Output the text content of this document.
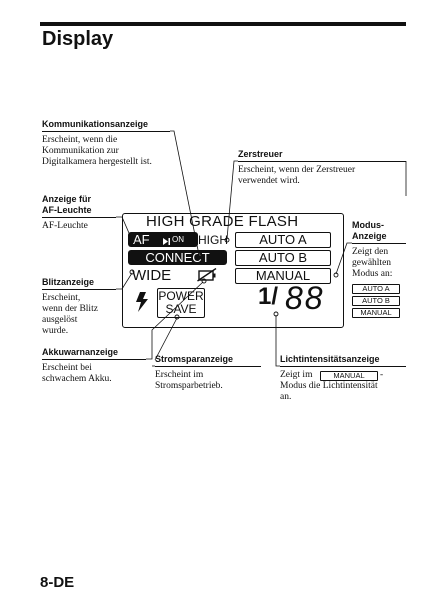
Display
Kommunikationsanzeige
Erscheint, wenn die
Kommunikation zur
Digitalkamera hergestellt ist.
Zerstreuer
Erscheint, wenn der Zerstreuer
verwendet wird.
Anzeige für
AF-Leuchte
AF-Leuchte	Modus-
Anzeige
Zeigt den
gewählten
Modus an:
AUTO A
AUTO B
MANUAL
Blitzanzeige
Erscheint,
wenn der Blitz
ausgelöst
wurde.
Akkuwarnanzeige
Erscheint bei
schwachem Akku.
Stromsparanzeige
Erscheint im
Stromsparbetrieb.
Lichtintensitätsanzeige
Zeigt im	MANUAL	-
Modus die Lichtintensität
an.
HIGH GRADE FLASH
AF	ON HIGH
CONNECT
WIDE
POWER
SAVE
AUTO A
AUTO B
MANUAL
1/ 88
8-DE
